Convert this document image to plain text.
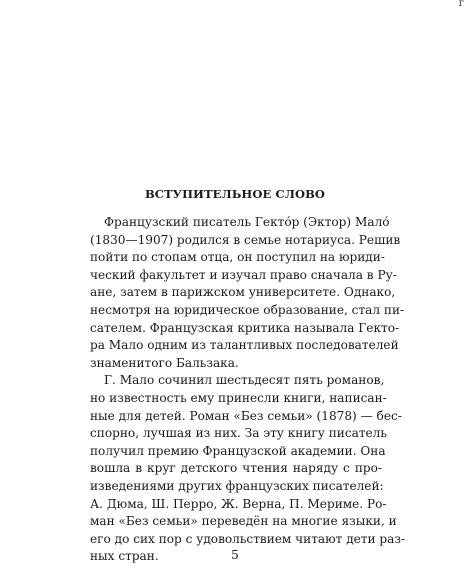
г
ВСТУПИТЕЛЬНОЕ СЛОВО
Французский писатель Гекто́р (Эктор) Мало́
(1830—1907) родился в семье нотариуса. Решив
пойти по стопам отца, он поступил на юриди-
ческий факультет и изучал право сначала в Ру-
ане, затем в парижском университете. Однако,
несмотря на юридическое образование, стал пи-
сателем. Французская критика называла Гекто-
ра Мало одним из талантливых последователей
знаменитого Бальзака.
Г. Мало сочинил шестьдесят пять романов,
но известность ему принесли книги, написан-
ные для детей. Роман «Без семьи» (1878) — бес-
спорно, лучшая из них. За эту книгу писатель
получил премию Французской академии. Она
вошла в круг детского чтения наряду с про-
изведениями других французских писателей:
А. Дюма, Ш. Перро, Ж. Верна, П. Мериме. Ро-
ман «Без семьи» переведён на многие языки, и
его до сих пор с удовольствием читают дети раз-
ных стран.	5
